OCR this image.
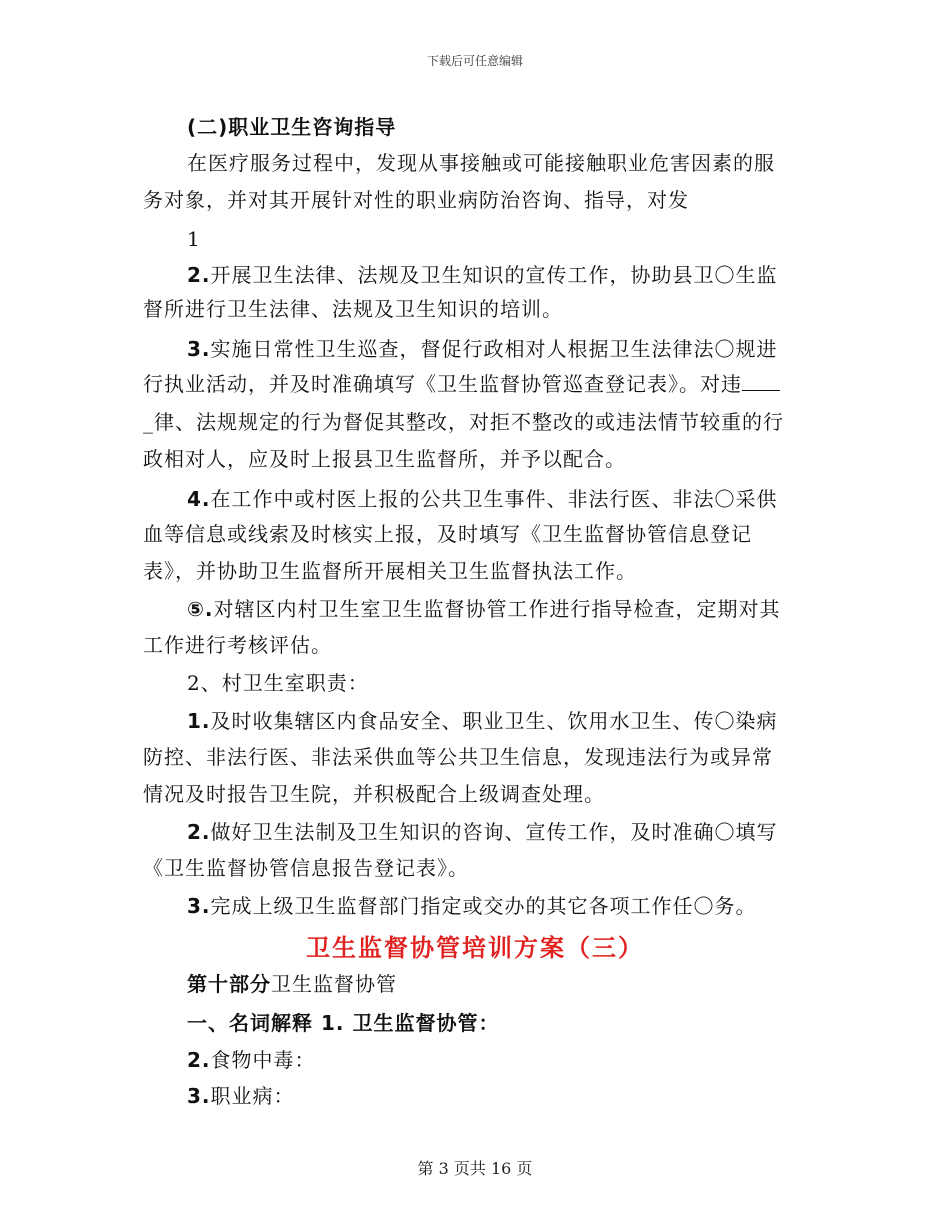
下载后可任意编辑
(二)职业卫生咨询指导
在医疗服务过程中，发现从事接触或可能接触职业危害因素的服
务对象，并对其开展针对性的职业病防治咨询、指导，对发
1
2.开展卫生法律、法规及卫生知识的宣传工作，协助县卫〇生监
督所进行卫生法律、法规及卫生知识的培训。
3.实施日常性卫生巡查，督促行政相对人根据卫生法律法〇规进
行执业活动，并及时准确填写《卫生监督协管巡查登记表》。对违
_律、法规规定的行为督促其整改，对拒不整改的或违法情节较重的行
政相对人，应及时上报县卫生监督所，并予以配合。
4.在工作中或村医上报的公共卫生事件、非法行医、非法〇采供
血等信息或线索及时核实上报，及时填写《卫生监督协管信息登记
表》，并协助卫生监督所开展相关卫生监督执法工作。
⑤.对辖区内村卫生室卫生监督协管工作进行指导检查，定期对其
工作进行考核评估。
2、村卫生室职责：
1.及时收集辖区内食品安全、职业卫生、饮用水卫生、传〇染病
防控、非法行医、非法采供血等公共卫生信息，发现违法行为或异常
情况及时报告卫生院，并积极配合上级调查处理。
2.做好卫生法制及卫生知识的咨询、宣传工作，及时准确〇填写
《卫生监督协管信息报告登记表》。
3.完成上级卫生监督部门指定或交办的其它各项工作任〇务。
卫生监督协管培训方案（三）
第十部分卫生监督协管
一、名词解释 1. 卫生监督协管：
2.食物中毒：
3.职业病：
第 3 页共 16 页
